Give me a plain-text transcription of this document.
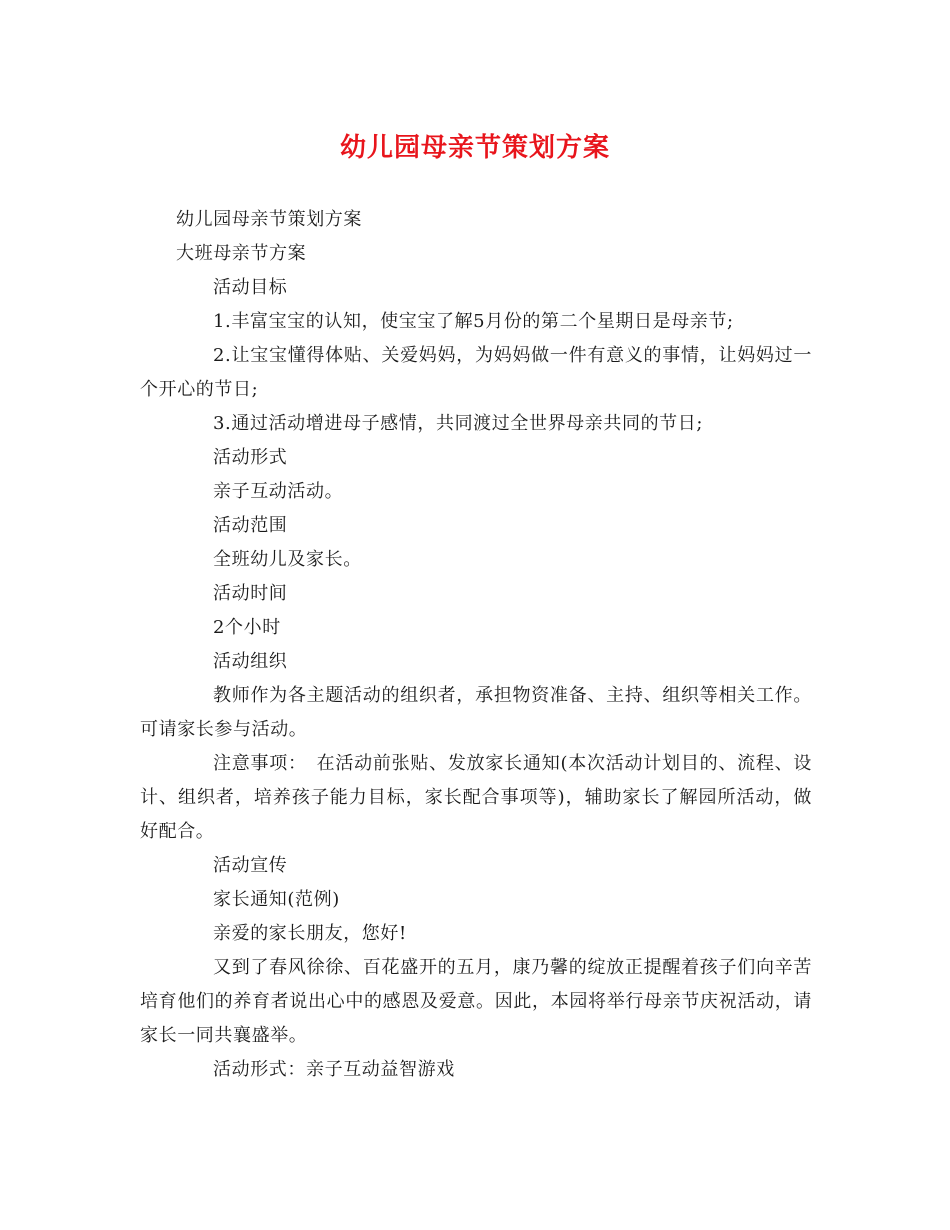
幼儿园母亲节策划方案

幼儿园母亲节策划方案

大班母亲节方案

活动目标

1.丰富宝宝的认知，使宝宝了解5月份的第二个星期日是母亲节;

2.让宝宝懂得体贴、关爱妈妈，为妈妈做一件有意义的事情，让妈妈过一个开心的节日;

3.通过活动增进母子感情，共同渡过全世界母亲共同的节日;

活动形式

亲子互动活动。

活动范围

全班幼儿及家长。

活动时间

2个小时

活动组织

教师作为各主题活动的组织者，承担物资准备、主持、组织等相关工作。可请家长参与活动。

注意事项：　在活动前张贴、发放家长通知(本次活动计划目的、流程、设计、组织者，培养孩子能力目标，家长配合事项等)，辅助家长了解园所活动，做好配合。

活动宣传

家长通知(范例)

亲爱的家长朋友，您好!

又到了春风徐徐、百花盛开的五月，康乃馨的绽放正提醒着孩子们向辛苦培育他们的养育者说出心中的感恩及爱意。因此，本园将举行母亲节庆祝活动，请家长一同共襄盛举。

活动形式：亲子互动益智游戏
